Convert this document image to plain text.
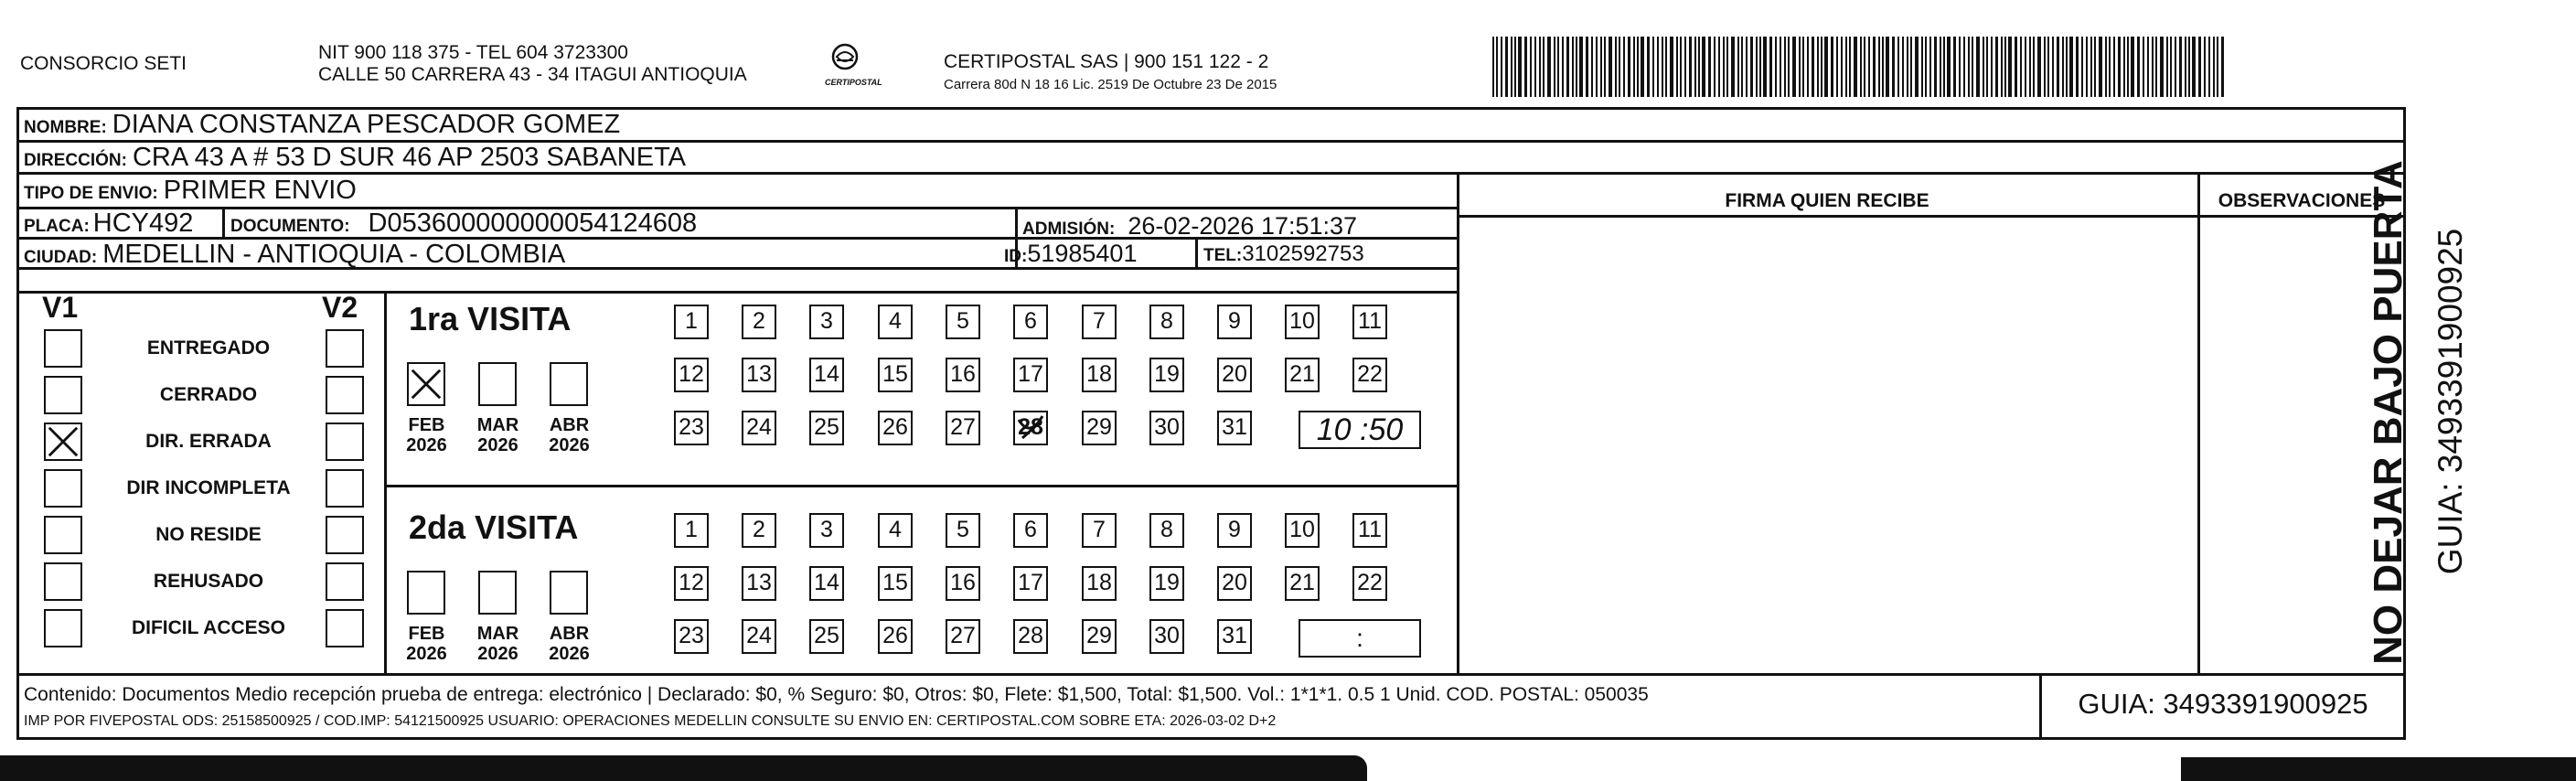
CONSORCIO SETI
NIT 900 118 375 - TEL 604 3723300
CALLE 50 CARRERA 43 - 34 ITAGUI ANTIOQUIA	CERTIPOSTAL
CERTIPOSTAL SAS | 900 151 122 - 2
Carrera 80d N 18 16 Lic. 2519 De Octubre 23 De 2015
NOMBRE: DIANA CONSTANZA PESCADOR GOMEZ
DIRECCIÓN: CRA 43 A # 53 D SUR 46 AP 2503 SABANETA
TIPO DE ENVIO: PRIMER ENVIO
PLACA: HCY492 DOCUMENTO: D053600000000054124608	ADMISIÓN: 26-02-2026 17:51:37
CIUDAD: MEDELLIN - ANTIOQUIA - COLOMBIA	ID: 51985401	TEL: 3102592753
FIRMA QUIEN RECIBE	OBSERVACIONES
V1	V2
ENTREGADO
CERRADO
DIR. ERRADA
DIR INCOMPLETA
NO RESIDE
REHUSADO
DIFICIL ACCESO
1ra VISITA
FEB
2026
MAR
2026
ABR
2026
1	2	3	4	5	6	7	8	9	10 11
12 13 14 15 16 17 18 19 20 21 22
23 24 25 26 27 28 29 30 31	10 :50
2da VISITA
FEB
2026
MAR
2026
ABR
2026
1	2	3	4	5	6	7	8	9	10 11
12 13 14 15 16 17 18 19 20 21 22
23 24 25 26 27 28 29 30 31	:
Contenido: Documentos Medio recepción prueba de entrega: electrónico | Declarado: $0, % Seguro: $0, Otros: $0, Flete: $1,500, Total: $1,500. Vol.: 1*1*1. 0.5 1 Unid. COD. POSTAL: 050035
IMP POR FIVEPOSTAL ODS: 25158500925 / COD.IMP: 54121500925 USUARIO: OPERACIONES MEDELLIN CONSULTE SU ENVIO EN: CERTIPOSTAL.COM SOBRE ETA: 2026-03-02 D+2
GUIA: 3493391900925
NO DEJAR BAJO PUERTA GUIA: 3493391900925
